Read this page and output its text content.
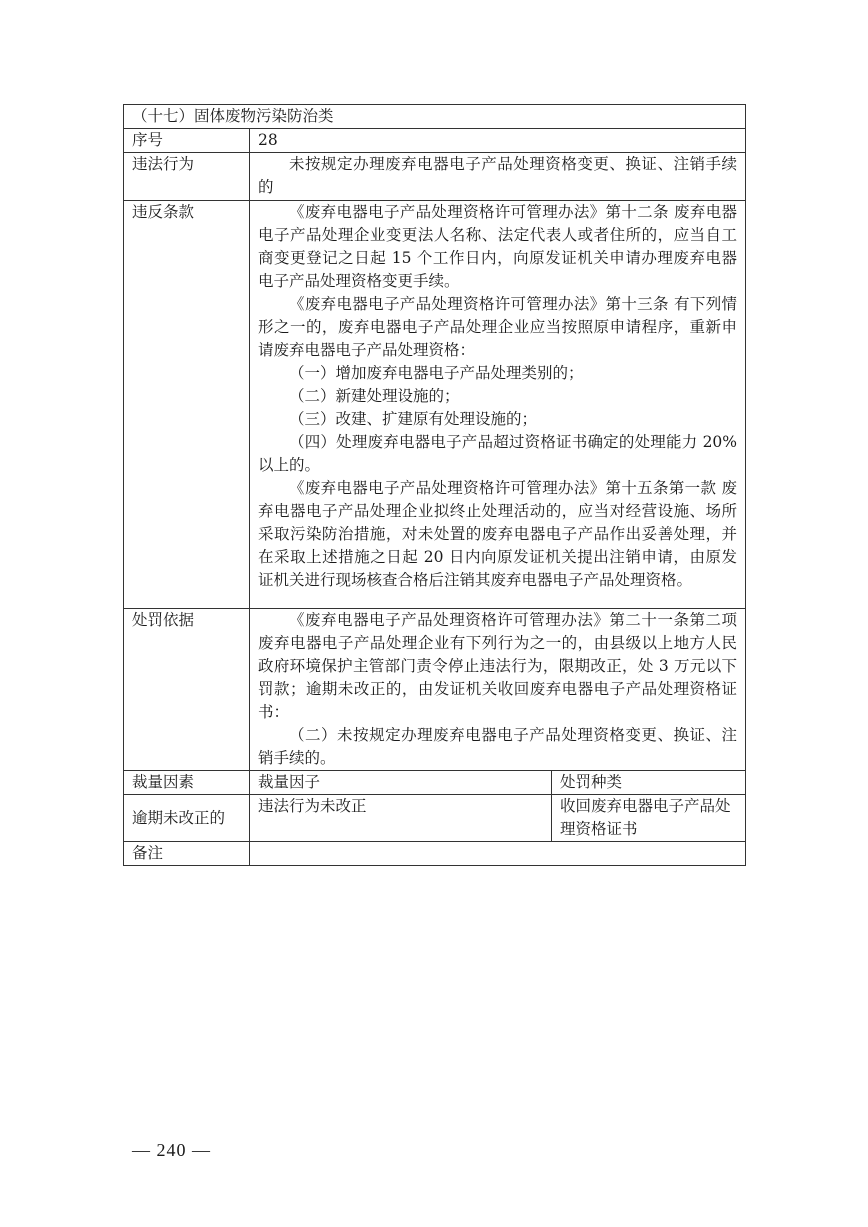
（十七）固体废物污染防治类		
序号	28	
违法行为	未按规定办理废弃电器电子产品处理资格变更、换证、注销手续的	

违反条款	《废弃电器电子产品处理资格许可管理办法》第十二条 废弃电器电子产品处理企业变更法人名称、法定代表人或者住所的，应当自工商变更登记之日起 15 个工作日内，向原发证机关申请办理废弃电器电子产品处理资格变更手续。

《废弃电器电子产品处理资格许可管理办法》第十三条 有下列情形之一的，废弃电器电子产品处理企业应当按照原申请程序，重新申请废弃电器电子产品处理资格：

（一）增加废弃电器电子产品处理类别的；

（二）新建处理设施的；

（三）改建、扩建原有处理设施的；

（四）处理废弃电器电子产品超过资格证书确定的处理能力 20%以上的。

《废弃电器电子产品处理资格许可管理办法》第十五条第一款 废弃电器电子产品处理企业拟终止处理活动的，应当对经营设施、场所采取污染防治措施，对未处置的废弃电器电子产品作出妥善处理，并在采取上述措施之日起 20 日内向原发证机关提出注销申请，由原发证机关进行现场核查合格后注销其废弃电器电子产品处理资格。

处罚依据	《废弃电器电子产品处理资格许可管理办法》第二十一条第二项 废弃电器电子产品处理企业有下列行为之一的，由县级以上地方人民政府环境保护主管部门责令停止违法行为，限期改正，处 3 万元以下罚款；逾期未改正的，由发证机关收回废弃电器电子产品处理资格证书：

（二）未按规定办理废弃电器电子产品处理资格变更、换证、注销手续的。	

裁量因素	裁量因子	处罚种类
逾期未改正的	违法行为未改正	收回废弃电器电子产品处理资格证书
备注		
— 240 —
